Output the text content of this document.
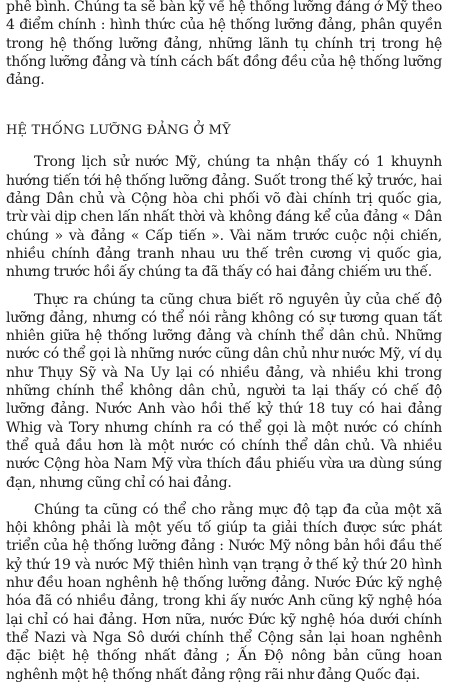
phê bình. Chúng ta sẽ bàn kỹ về hệ thống lưỡng đảng ở Mỹ theo 4 điểm chính : hình thức của hệ thống lưỡng đảng, phân quyền trong hệ thống lưỡng đảng, những lãnh tụ chính trị trong hệ thống lưỡng đảng và tính cách bất đồng đều của hệ thống lưỡng đảng.

HỆ THỐNG LƯỠNG ĐẢNG Ở MỸ

Trong lịch sử nước Mỹ, chúng ta nhận thấy có 1 khuynh hướng tiến tới hệ thống lưỡng đảng. Suốt trong thế kỷ trước, hai đảng Dân chủ và Cộng hòa chi phối võ đài chính trị quốc gia, trừ vài dịp chen lấn nhất thời và không đáng kể của đảng « Dân chúng » và đảng « Cấp tiến ». Vài năm trước cuộc nội chiến, nhiều chính đảng tranh nhau ưu thế trên cương vị quốc gia, nhưng trước hồi ấy chúng ta đã thấy có hai đảng chiếm ưu thế.

Thực ra chúng ta cũng chưa biết rõ nguyên ủy của chế độ lưỡng đảng, nhưng có thể nói rằng không có sự tương quan tất nhiên giữa hệ thống lưỡng đảng và chính thể dân chủ. Những nước có thể gọi là những nước cũng dân chủ như nước Mỹ, ví dụ như Thụy Sỹ và Na Uy lại có nhiều đảng, và nhiều khi trong những chính thể không dân chủ, người ta lại thấy có chế độ lưỡng đảng. Nước Anh vào hồi thế kỷ thứ 18 tuy có hai đảng Whig và Tory nhưng chính ra có thể gọi là một nước có chính thể quả đầu hơn là một nước có chính thể dân chủ. Và nhiều nước Cộng hòa Nam Mỹ vừa thích đầu phiếu vừa ưa dùng súng đạn, nhưng cũng chỉ có hai đảng.

Chúng ta cũng có thể cho rằng mực độ tạp đa của một xã hội không phải là một yếu tố giúp ta giải thích được sức phát triển của hệ thống lưỡng đảng : Nước Mỹ nông bản hồi đầu thế kỷ thứ 19 và nước Mỹ thiên hình vạn trạng ở thế kỷ thứ 20 hình như đều hoan nghênh hệ thống lưỡng đảng. Nước Đức kỹ nghệ hóa đã có nhiều đảng, trong khi ấy nước Anh cũng kỹ nghệ hóa lại chỉ có hai đảng. Hơn nữa, nước Đức kỹ nghệ hóa dưới chính thể Nazi và Nga Sô dưới chính thể Cộng sản lại hoan nghênh đặc biệt hệ thống nhất đảng ; Ấn Độ nông bản cũng hoan nghênh một hệ thống nhất đảng rộng rãi như đảng Quốc đại.
